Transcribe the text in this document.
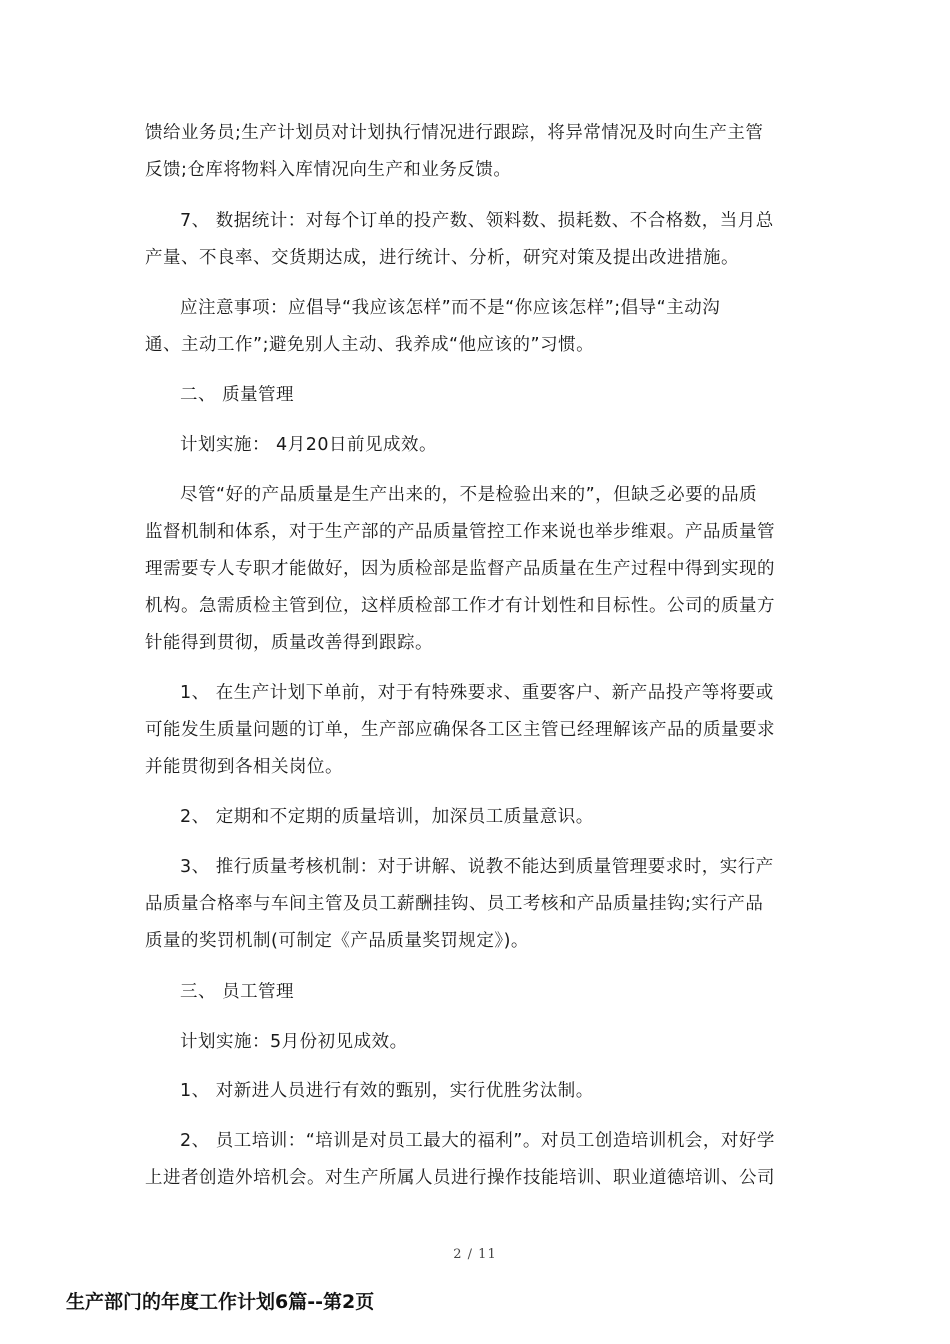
馈给业务员;生产计划员对计划执行情况进行跟踪，将异常情况及时向生产主管
反馈;仓库将物料入库情况向生产和业务反馈。
7、 数据统计：对每个订单的投产数、领料数、损耗数、不合格数，当月总
产量、不良率、交货期达成，进行统计、分析，研究对策及提出改进措施。
应注意事项：应倡导“我应该怎样”而不是“你应该怎样”;倡导“主动沟
通、主动工作”;避免别人主动、我养成“他应该的”习惯。
二、 质量管理
计划实施： 4月20日前见成效。
尽管“好的产品质量是生产出来的，不是检验出来的”，但缺乏必要的品质
监督机制和体系，对于生产部的产品质量管控工作来说也举步维艰。产品质量管
理需要专人专职才能做好，因为质检部是监督产品质量在生产过程中得到实现的
机构。急需质检主管到位，这样质检部工作才有计划性和目标性。公司的质量方
针能得到贯彻，质量改善得到跟踪。
1、 在生产计划下单前，对于有特殊要求、重要客户、新产品投产等将要或
可能发生质量问题的订单，生产部应确保各工区主管已经理解该产品的质量要求
并能贯彻到各相关岗位。
2、 定期和不定期的质量培训，加深员工质量意识。
3、 推行质量考核机制：对于讲解、说教不能达到质量管理要求时，实行产
品质量合格率与车间主管及员工薪酬挂钩、员工考核和产品质量挂钩;实行产品
质量的奖罚机制(可制定《产品质量奖罚规定》)。
三、 员工管理
计划实施：5月份初见成效。
1、 对新进人员进行有效的甄别，实行优胜劣汰制。
2、 员工培训：“培训是对员工最大的福利”。对员工创造培训机会，对好学
上进者创造外培机会。对生产所属人员进行操作技能培训、职业道德培训、公司
2 / 11
生产部门的年度工作计划6篇--第2页
